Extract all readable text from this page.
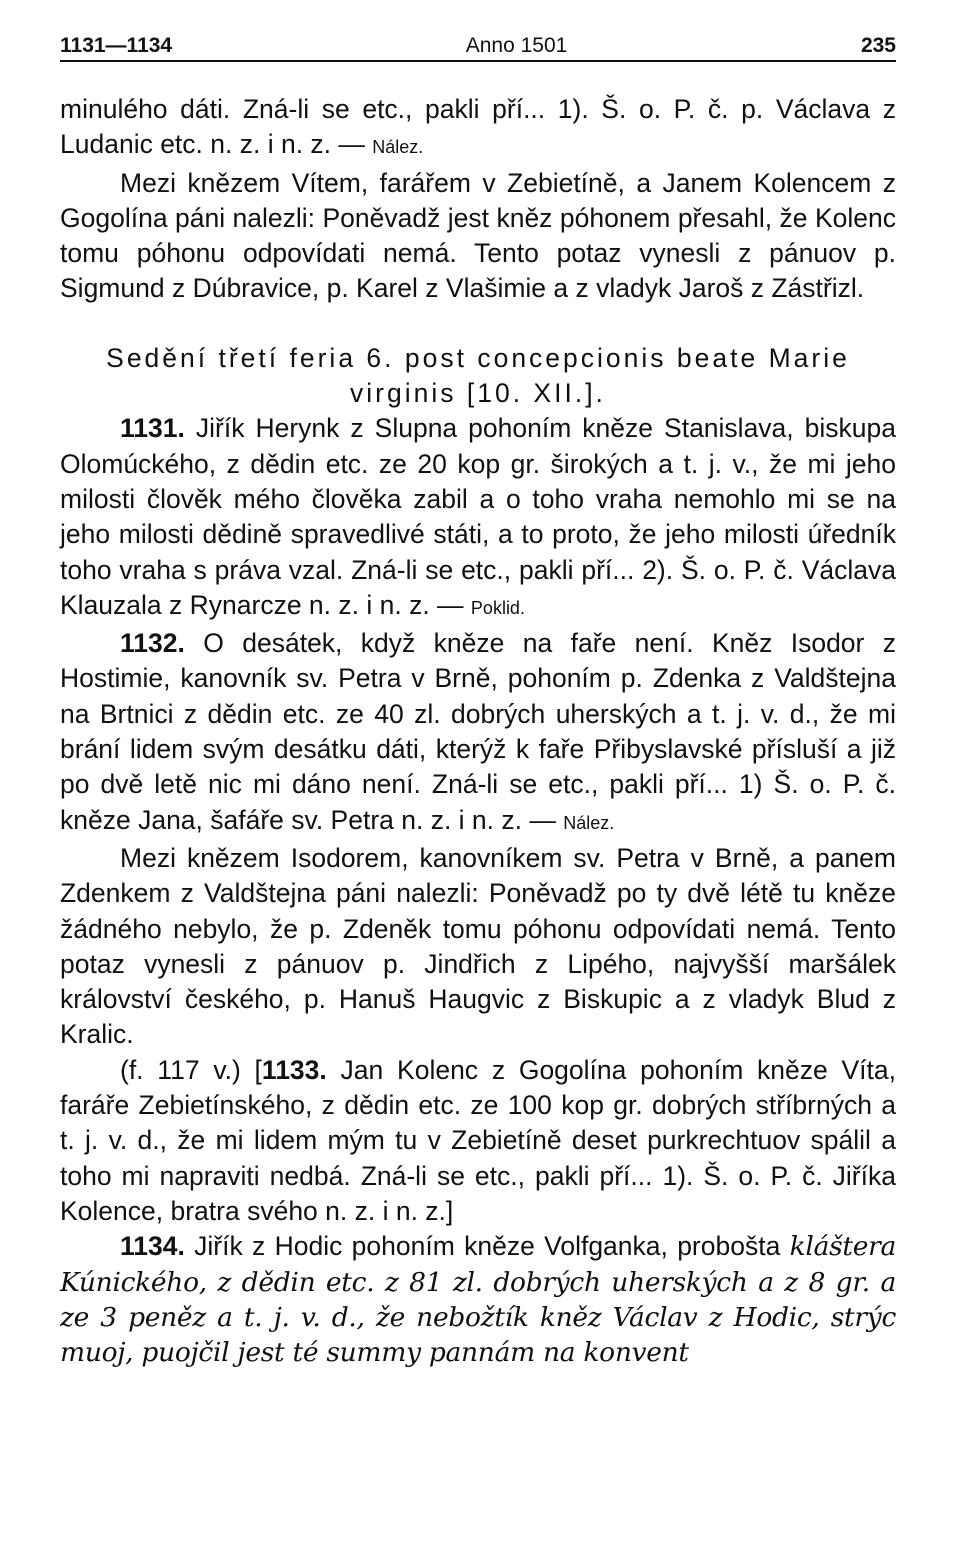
1131—1134	Anno 1501	235

minulého dáti. Zná-li se etc., pakli pří... 1). Š. o. P. č. p. Václava z Ludanic etc. n. z. i n. z. — Nález.

Mezi knězem Vítem, farářem v Zebietíně, a Janem Kolencem z Gogolína páni nalezli: Poněvadž jest kněz póhonem přesahl, že Kolenc tomu póhonu odpovídati nemá. Tento potaz vynesli z pánuov p. Sigmund z Dúbravice, p. Karel z Vlašimie a z vladyk Jaroš z Zástřizl.

Sedění třetí feria 6. post concepcionis beate Marie virginis [10. XII.].

1131. Jiřík Herynk z Slupna pohoním kněze Stanislava, biskupa Olomúckého, z dědin etc. ze 20 kop gr. širokých a t. j. v., že mi jeho milosti člověk mého člověka zabil a o toho vraha nemohlo mi se na jeho milosti dědině spravedlivé státi, a to proto, že jeho milosti úředník toho vraha s práva vzal. Zná-li se etc., pakli pří... 2). Š. o. P. č. Václava Klauzala z Rynarcze n. z. i n. z. — Poklid.

1132. O desátek, když kněze na faře není. Kněz Isodor z Hostimie, kanovník sv. Petra v Brně, pohoním p. Zdenka z Valdštejna na Brtnici z dědin etc. ze 40 zl. dobrých uherských a t. j. v. d., že mi brání lidem svým desátku dáti, kterýž k faře Přibyslavské přísluší a již po dvě letě nic mi dáno není. Zná-li se etc., pakli pří... 1) Š. o. P. č. kněze Jana, šafáře sv. Petra n. z. i n. z. — Nález.

Mezi knězem Isodorem, kanovníkem sv. Petra v Brně, a panem Zdenkem z Valdštejna páni nalezli: Poněvadž po ty dvě létě tu kněze žádného nebylo, že p. Zdeněk tomu póhonu odpovídati nemá. Tento potaz vynesli z pánuov p. Jindřich z Lipého, najvyšší maršálek království českého, p. Hanuš Haugvic z Biskupic a z vladyk Blud z Kralic.

(f. 117 v.) [1133. Jan Kolenc z Gogolína pohoním kněze Víta, faráře Zebietínského, z dědin etc. ze 100 kop gr. dobrých stříbrných a t. j. v. d., že mi lidem mým tu v Zebietíně deset purkrechtuov spálil a toho mi napraviti nedbá. Zná-li se etc., pakli pří... 1). Š. o. P. č. Jiříka Kolence, bratra svého n. z. i n. z.]

1134. Jiřík z Hodic pohoním kněze Volfganka, probošta kláštera Kúnického, z dědin etc. z 81 zl. dobrých uherských a z 8 gr. a ze 3 peněz a t. j. v. d., že nebožtík kněz Václav z Hodic, strýc muoj, puojčil jest té summy pannám na konvent
